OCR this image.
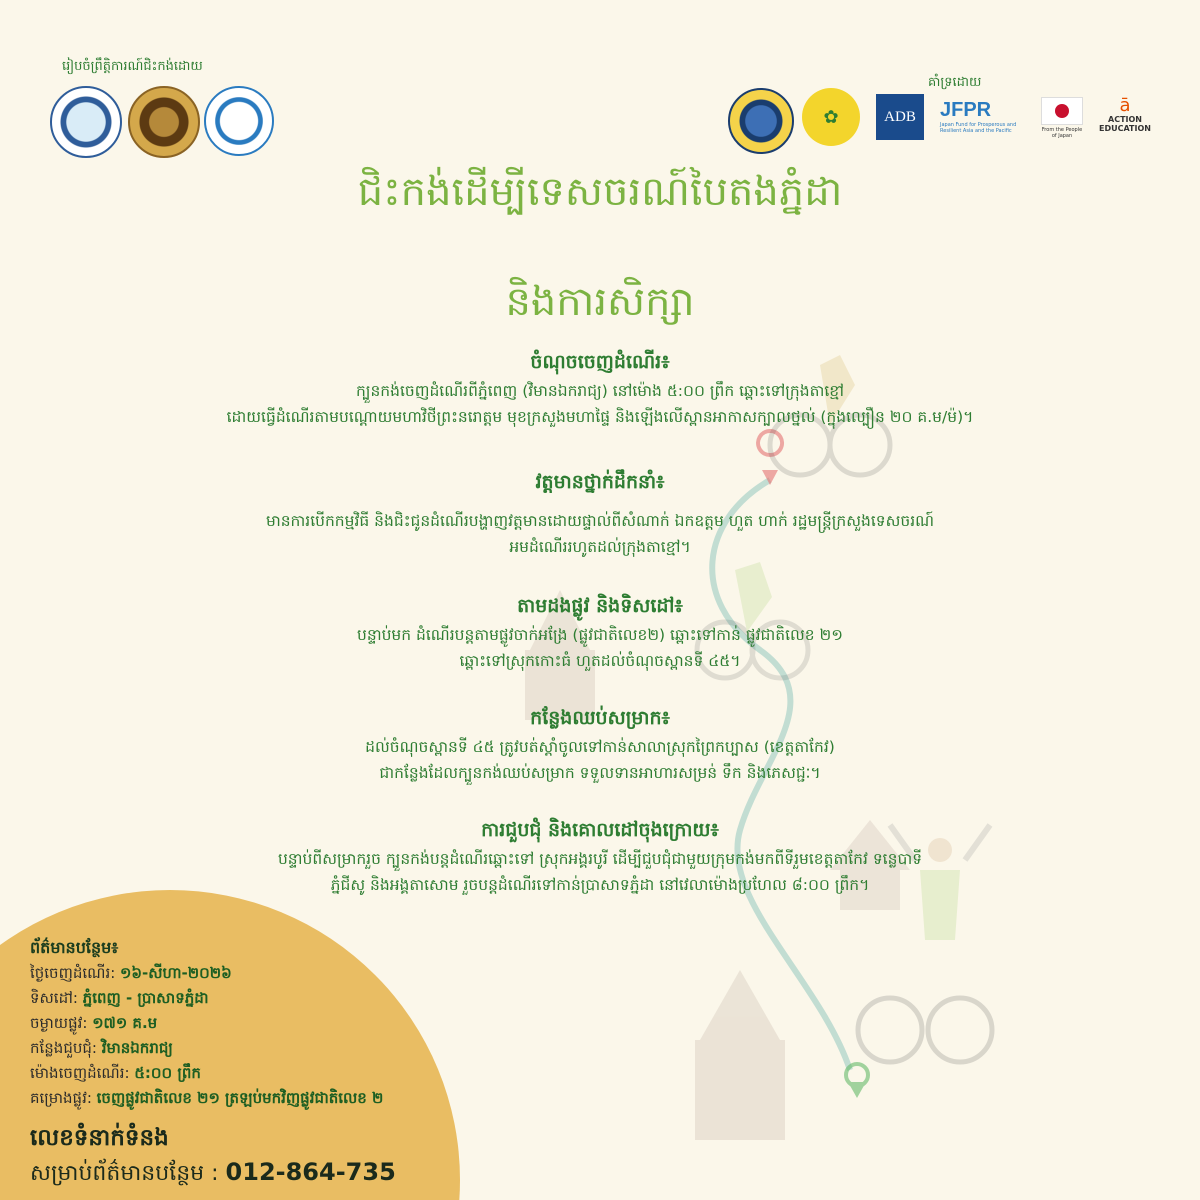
រៀបចំព្រឹត្តិការណ៍ជិះកង់ដោយ
គាំទ្រដោយ
✿	ADB JFPR
Japan Fund for Prosperous and Resilient Asia and the Pacific	From the People of Japan
ā
ACTION EDUCATION
ជិះកង់ដើម្បីទេសចរណ៍បៃតងភ្នំដា
និងការសិក្សា
ចំណុចចេញដំណើរ៖
ក្បួនកង់ចេញដំណើរពីភ្នំពេញ (វិមានឯករាជ្យ) នៅម៉ោង ៥:០០ ព្រឹក ឆ្ពោះទៅក្រុងតាខ្មៅ
ដោយធ្វើដំណើរតាមបណ្តោយមហាវិថីព្រះនរោត្តម មុខក្រសួងមហាផ្ទៃ និងឡើងលើស្ពានអាកាសក្បាលថ្នល់ (ក្នុងល្បឿន ២០ គ.ម/ម៉)។
វត្តមានថ្នាក់ដឹកនាំ៖
មានការបើកកម្មវិធី និងជិះជូនដំណើរបង្ហាញវត្តមានដោយផ្ទាល់ពីសំណាក់ ឯកឧត្តម ហួត ហាក់ រដ្ឋមន្ត្រីក្រសួងទេសចរណ៍
អមដំណើររហូតដល់ក្រុងតាខ្មៅ។
តាមដងផ្លូវ និងទិសដៅ៖
បន្ទាប់មក ដំណើរបន្តតាមផ្លូវចាក់អង្រែ (ផ្លូវជាតិលេខ២) ឆ្ពោះទៅកាន់ ផ្លូវជាតិលេខ ២១
ឆ្ពោះទៅស្រុកកោះធំ ហួតដល់ចំណុចស្ពានទី ៤៥។
កន្លែងឈប់សម្រាក៖
ដល់ចំណុចស្ពានទី ៤៥ ត្រូវបត់ស្តាំចូលទៅកាន់សាលាស្រុកព្រៃកប្បាស (ខេត្តតាកែវ)
ជាកន្លែងដែលក្បួនកង់ឈប់សម្រាក ទទួលទានអាហារសម្រន់ ទឹក និងភេសជ្ជៈ។
ការជួបជុំ និងគោលដៅចុងក្រោយ៖
បន្ទាប់ពីសម្រាករួច ក្បួនកង់បន្តដំណើរឆ្ពោះទៅ ស្រុកអង្គរបូរី ដើម្បីជួបជុំជាមួយក្រុមកង់មកពីទីរួមខេត្តតាកែវ ទន្លេបាទី
ភ្នំជីសូ និងអង្គតាសោម រួចបន្តដំណើរទៅកាន់ប្រាសាទភ្នំដា នៅវេលាម៉ោងប្រហែល ៨:០០ ព្រឹក។
ព័ត៌មានបន្ថែម៖
ថ្ងៃចេញដំណើរ: ១៦-សីហា-២០២៦
ទិសដៅ: ភ្នំពេញ - ប្រាសាទភ្នំដា
ចម្ងាយផ្លូវ: ១៧១ គ.ម
កន្លែងជួបជុំ: វិមានឯករាជ្យ
ម៉ោងចេញដំណើរ: ៥:០០ ព្រឹក
គម្រោងផ្លូវ: ចេញផ្លូវជាតិលេខ ២១ ត្រឡប់មកវិញផ្លូវជាតិលេខ ២
លេខទំនាក់ទំនង
សម្រាប់ព័ត៌មានបន្ថែម : 012-864-735
